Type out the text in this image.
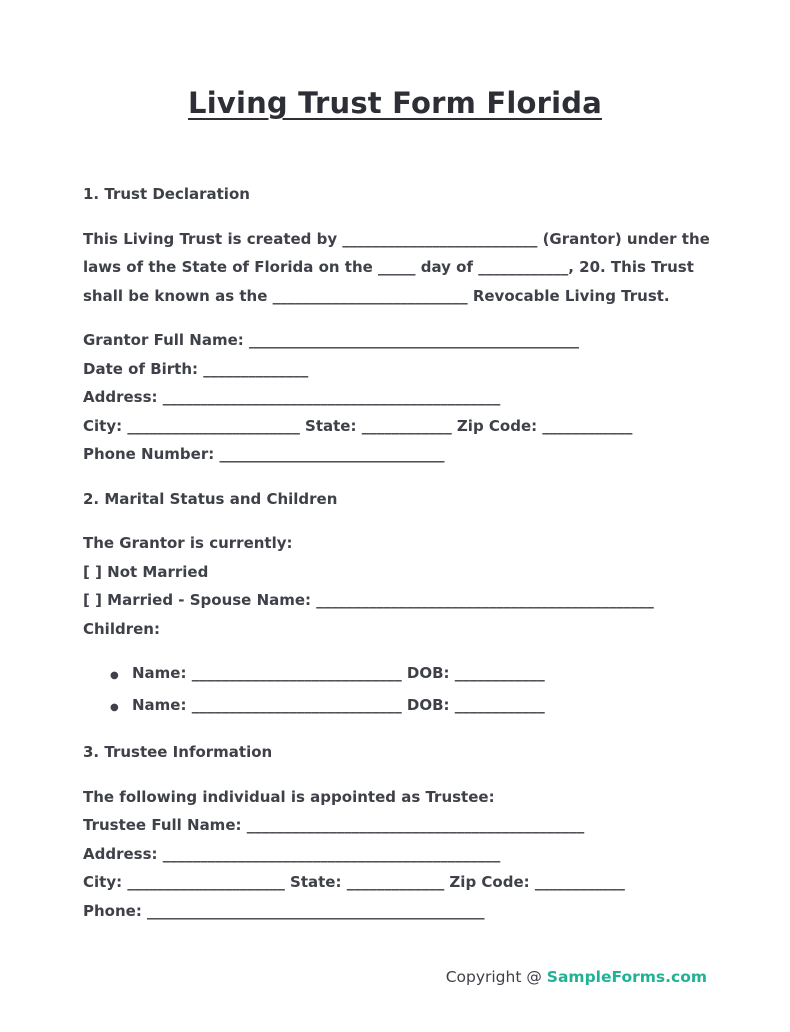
Living Trust Form Florida

1. Trust Declaration

This Living Trust is created by __________________________ (Grantor) under the
laws of the State of Florida on the _____ day of ____________, 20. This Trust
shall be known as the __________________________ Revocable Living Trust.
Grantor Full Name: ____________________________________________
Date of Birth: ______________
Address: _____________________________________________
City: _______________________ State: ____________ Zip Code: ____________
Phone Number: ______________________________

2. Marital Status and Children

The Grantor is currently:
[ ] Not Married
[ ] Married - Spouse Name: _____________________________________________
Children:
● Name: ____________________________ DOB: ____________
● Name: ____________________________ DOB: ____________

3. Trustee Information

The following individual is appointed as Trustee:
Trustee Full Name: _____________________________________________
Address: _____________________________________________
City: _____________________ State: _____________ Zip Code: ____________
Phone: _____________________________________________
Copyright @ SampleForms.com
